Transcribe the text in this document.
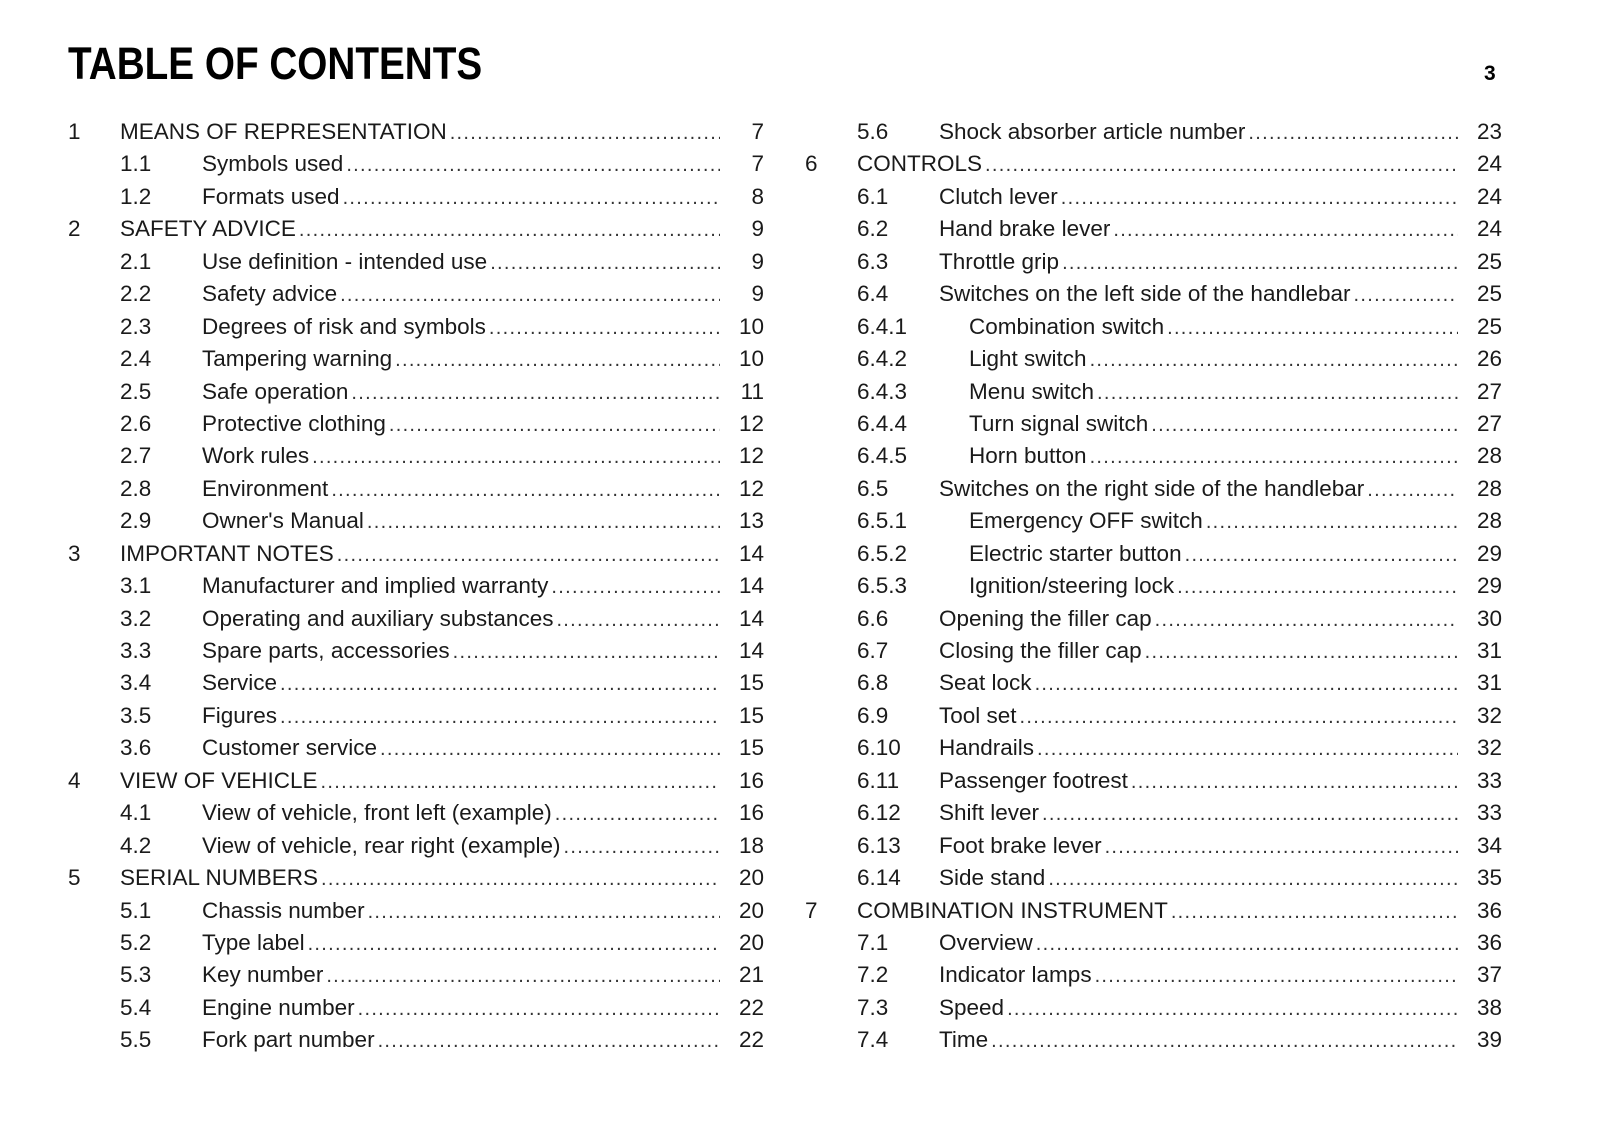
TABLE OF CONTENTS	3
1 MEANS OF REPRESENTATION .....	7
1.1 Symbols used .....	7
1.2 Formats used .....	8
2 SAFETY ADVICE .....	9
2.1 Use definition - intended use .....	9
2.2 Safety advice .....	9
2.3 Degrees of risk and symbols .....	10
2.4 Tampering warning .....	10
2.5 Safe operation .....	11
2.6 Protective clothing .....	12
2.7 Work rules .....	12
2.8 Environment .....	12
2.9 Owner's Manual .....	13
3 IMPORTANT NOTES .....	14
3.1 Manufacturer and implied warranty .....	14
3.2 Operating and auxiliary substances .....	14
3.3 Spare parts, accessories .....	14
3.4 Service .....	15
3.5 Figures .....	15
3.6 Customer service .....	15
4 VIEW OF VEHICLE .....	16
4.1 View of vehicle, front left (example) .....	16
4.2 View of vehicle, rear right (example) .....	18
5 SERIAL NUMBERS .....	20
5.1 Chassis number .....	20
5.2 Type label .....	20
5.3 Key number .....	21
5.4 Engine number .....	22
5.5 Fork part number .....	22
5.6 Shock absorber article number .....	23
6 CONTROLS .....	24
6.1 Clutch lever .....	24
6.2 Hand brake lever .....	24
6.3 Throttle grip .....	25
6.4 Switches on the left side of the handlebar .....	25
6.4.1	Combination switch .....	25
6.4.2	Light switch .....	26
6.4.3	Menu switch .....	27
6.4.4	Turn signal switch .....	27
6.4.5	Horn button .....	28
6.5 Switches on the right side of the handlebar .....	28
6.5.1	Emergency OFF switch .....	28
6.5.2	Electric starter button .....	29
6.5.3	Ignition/steering lock .....	29
6.6 Opening the filler cap .....	30
6.7 Closing the filler cap .....	31
6.8 Seat lock .....	31
6.9 Tool set .....	32
6.10 Handrails .....	32
6.11 Passenger footrest .....	33
6.12 Shift lever .....	33
6.13 Foot brake lever .....	34
6.14 Side stand .....	35
7 COMBINATION INSTRUMENT .....	36
7.1 Overview .....	36
7.2 Indicator lamps .....	37
7.3 Speed .....	38
7.4 Time .....	39
